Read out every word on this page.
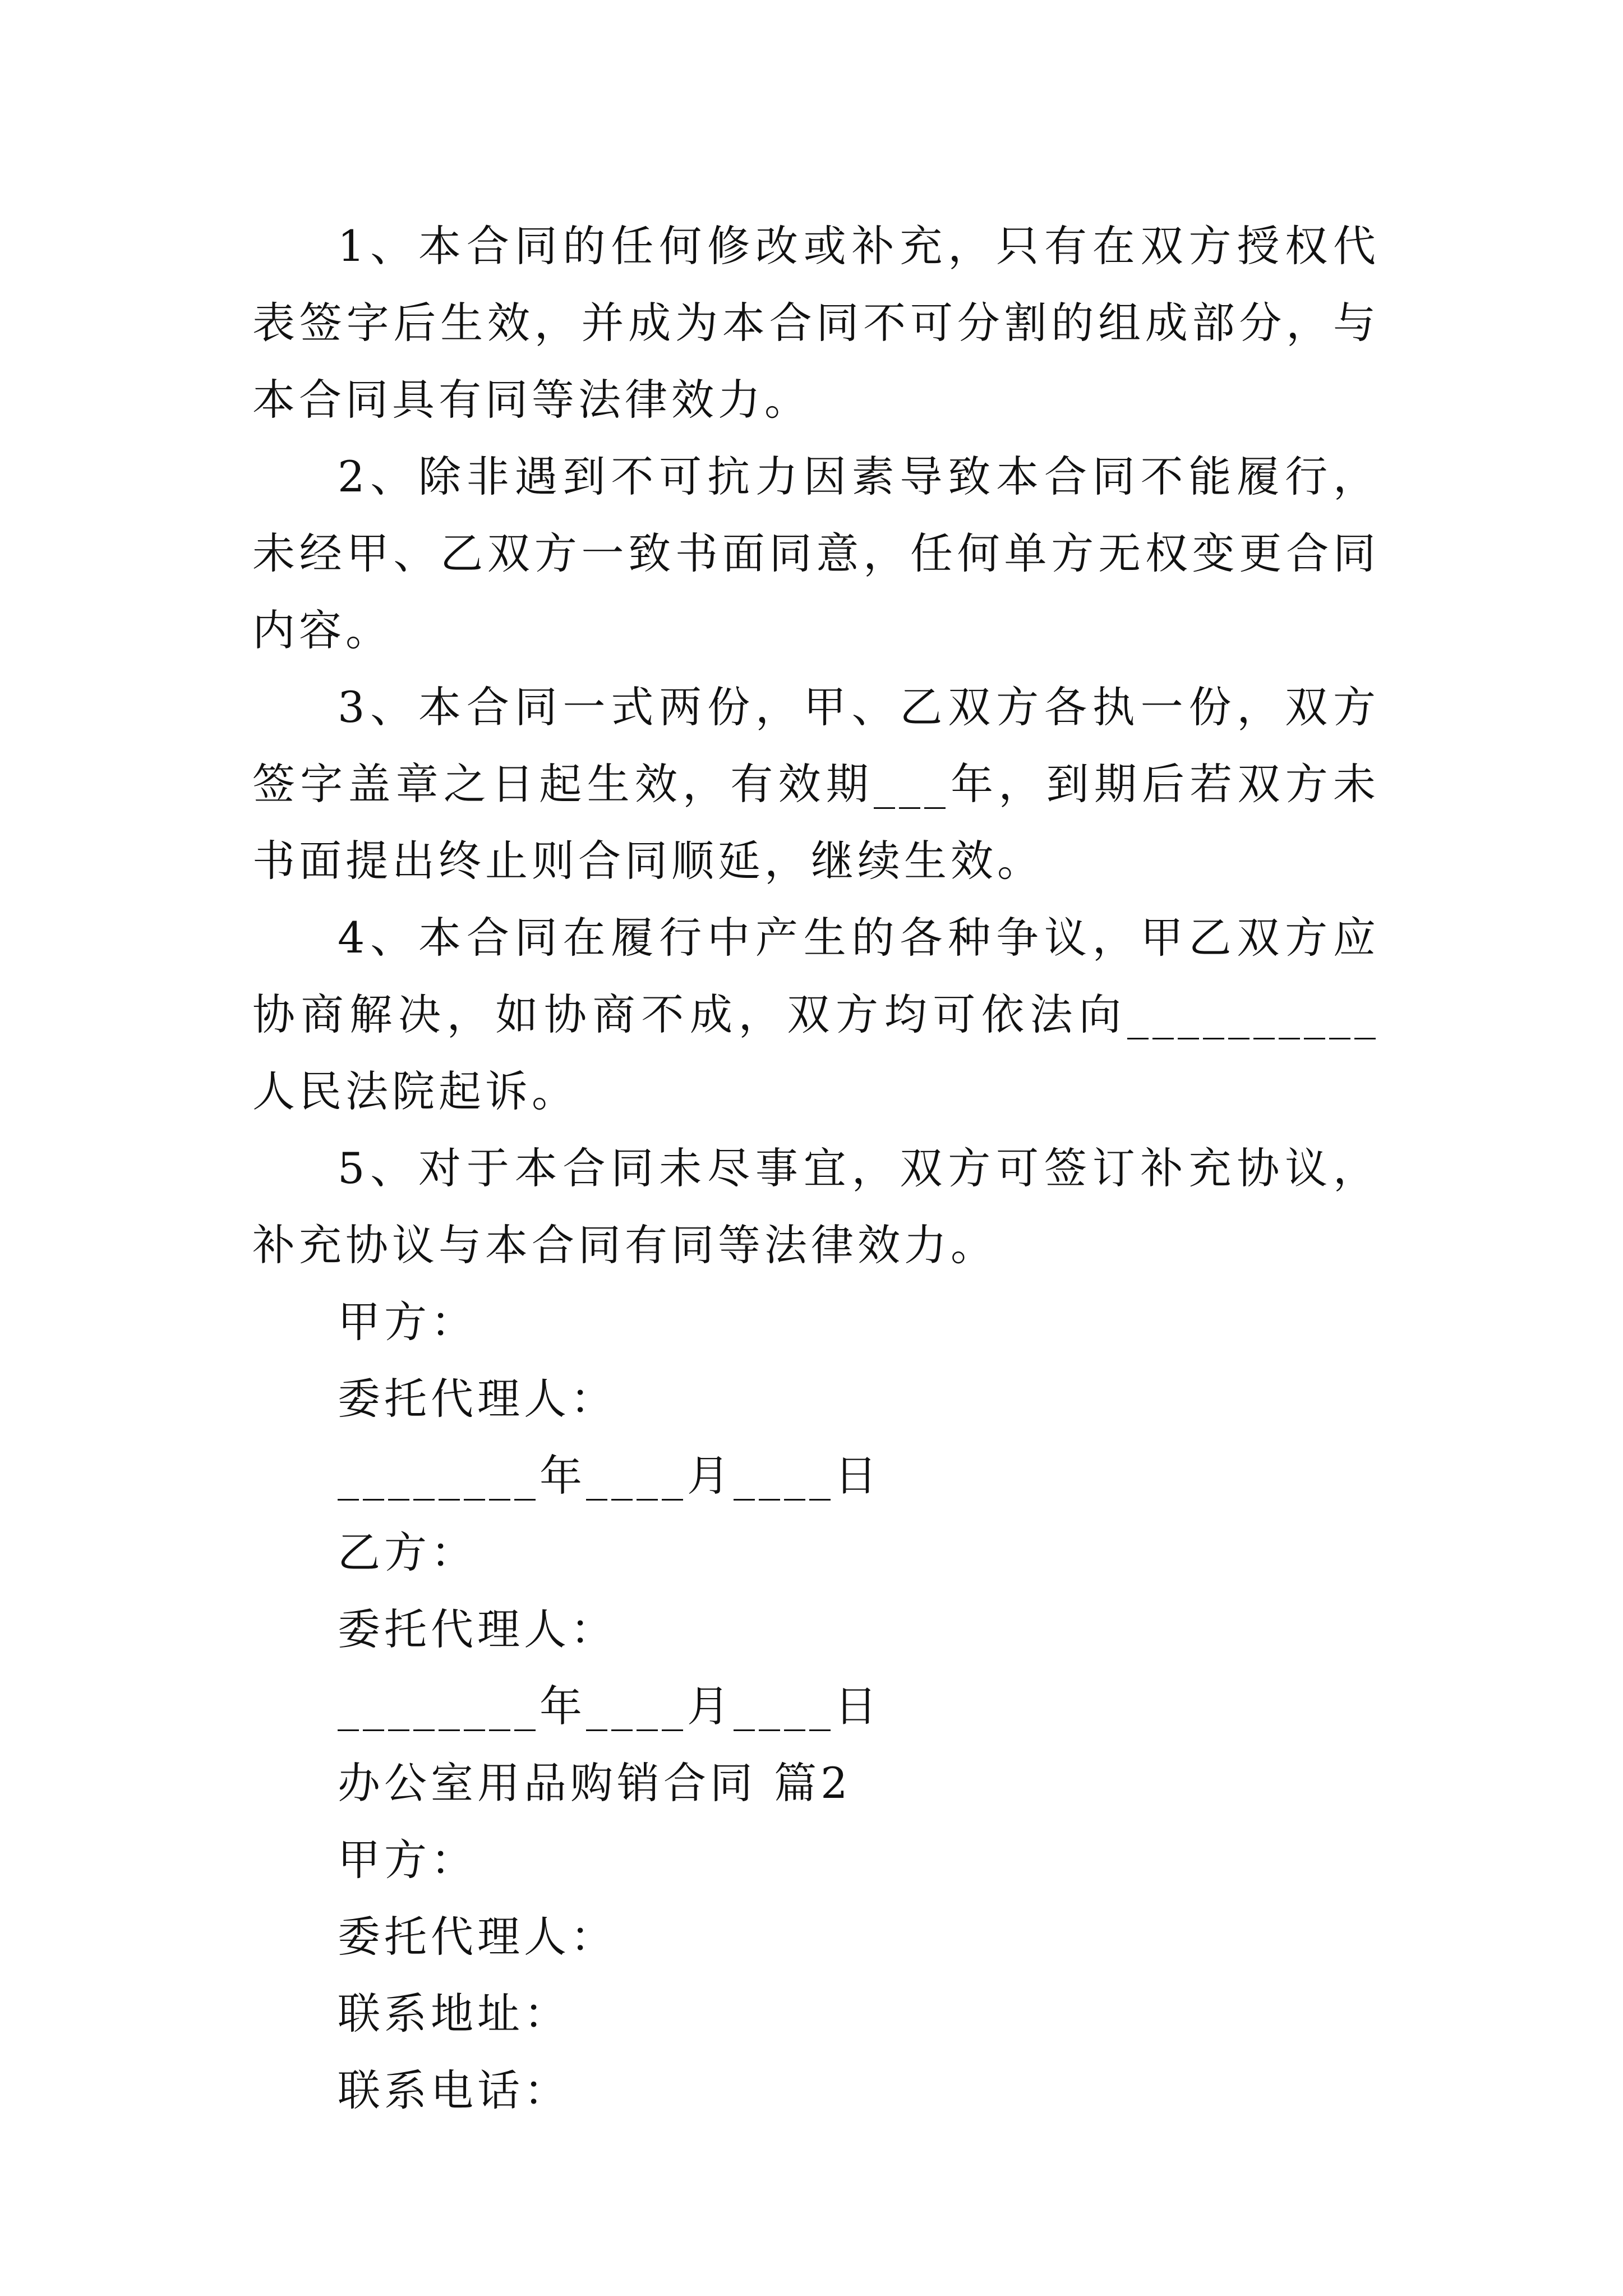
1、本合同的任何修改或补充，只有在双方授权代表签字后生效，并成为本合同不可分割的组成部分，与本合同具有同等法律效力。

2、除非遇到不可抗力因素导致本合同不能履行，未经甲、乙双方一致书面同意，任何单方无权变更合同内容。

3、本合同一式两份，甲、乙双方各执一份，双方签字盖章之日起生效，有效期___年，到期后若双方未书面提出终止则合同顺延，继续生效。

4、本合同在履行中产生的各种争议，甲乙双方应协商解决，如协商不成，双方均可依法向__________人民法院起诉。

5、对于本合同未尽事宜，双方可签订补充协议，补充协议与本合同有同等法律效力。

甲方：

委托代理人：

________年____月____日

乙方：

委托代理人：

________年____月____日

办公室用品购销合同 篇2

甲方：

委托代理人：

联系地址：

联系电话：
